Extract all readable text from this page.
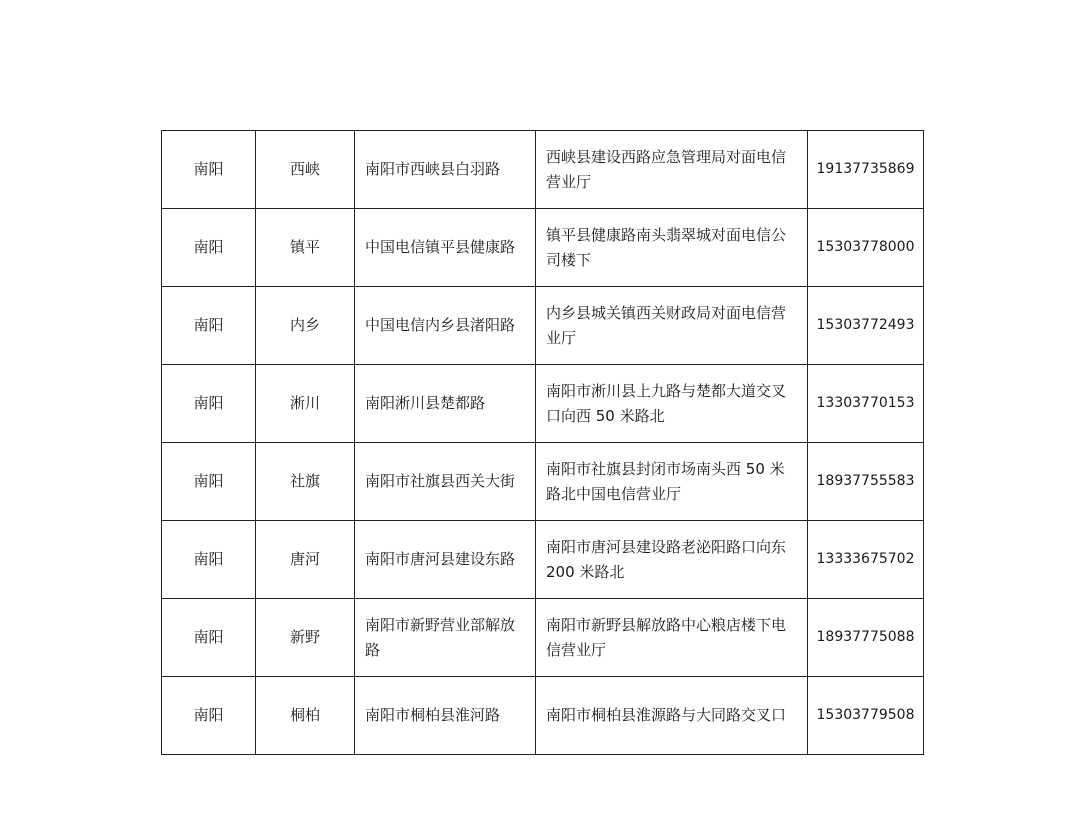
南阳	西峡	南阳市西峡县白羽路	西峡县建设西路应急管理局对面电信营业厅	19137735869
南阳	镇平	中国电信镇平县健康路	镇平县健康路南头翡翠城对面电信公司楼下	15303778000
南阳	内乡	中国电信内乡县渚阳路	内乡县城关镇西关财政局对面电信营业厅	15303772493
南阳	淅川	南阳淅川县楚都路	南阳市淅川县上九路与楚都大道交叉口向西 50 米路北	13303770153
南阳	社旗	南阳市社旗县西关大街	南阳市社旗县封闭市场南头西 50 米路北中国电信营业厅	18937755583
南阳	唐河	南阳市唐河县建设东路	南阳市唐河县建设路老泌阳路口向东 200 米路北	13333675702
南阳	新野	南阳市新野营业部解放路	南阳市新野县解放路中心粮店楼下电信营业厅	18937775088
南阳	桐柏	南阳市桐柏县淮河路	南阳市桐柏县淮源路与大同路交叉口	15303779508
